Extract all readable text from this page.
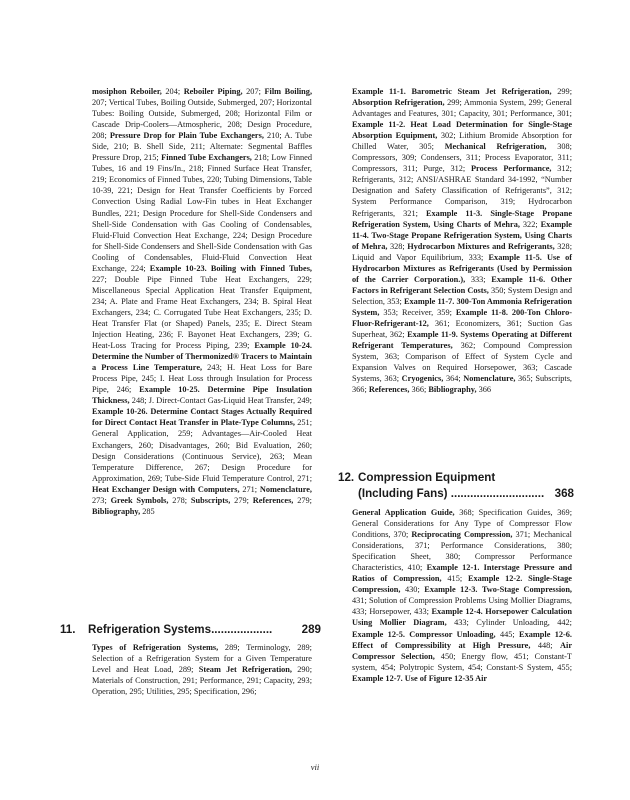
mosiphon Reboiler, 204; Reboiler Piping, 207; Film Boiling, 207; Vertical Tubes, Boiling Outside, Submerged, 207; Horizontal Tubes: Boiling Outside, Submerged, 208; Horizontal Film or Cascade Drip-Coolers—Atmospheric, 208; Design Procedure, 208; Pressure Drop for Plain Tube Exchangers, 210; A. Tube Side, 210; B. Shell Side, 211; Alternate: Segmental Baffles Pressure Drop, 215; Finned Tube Exchangers, 218; Low Finned Tubes, 16 and 19 Fins/In., 218; Finned Surface Heat Transfer, 219; Economics of Finned Tubes, 220; Tubing Dimensions, Table 10-39, 221; Design for Heat Transfer Coefficients by Forced Convection Using Radial Low-Fin tubes in Heat Exchanger Bundles, 221; Design Procedure for Shell-Side Condensers and Shell-Side Condensation with Gas Cooling of Condensables, Fluid-Fluid Convection Heat Exchange, 224; Design Procedure for Shell-Side Condensers and Shell-Side Condensation with Gas Cooling of Condensables, Fluid-Fluid Convection Heat Exchange, 224; Example 10-23. Boiling with Finned Tubes, 227; Double Pipe Finned Tube Heat Exchangers, 229; Miscellaneous Special Application Heat Transfer Equipment, 234; A. Plate and Frame Heat Exchangers, 234; B. Spiral Heat Exchangers, 234; C. Corrugated Tube Heat Exchangers, 235; D. Heat Transfer Flat (or Shaped) Panels, 235; E. Direct Steam Injection Heating, 236; F. Bayonet Heat Exchangers, 239; G. Heat-Loss Tracing for Process Piping, 239; Example 10-24. Determine the Number of Thermonized® Tracers to Maintain a Process Line Temperature, 243; H. Heat Loss for Bare Process Pipe, 245; I. Heat Loss through Insulation for Process Pipe, 246; Example 10-25. Determine Pipe Insulation Thickness, 248; J. Direct-Contact Gas-Liquid Heat Transfer, 249; Example 10-26. Determine Contact Stages Actually Required for Direct Contact Heat Transfer in Plate-Type Columns, 251; General Application, 259; Advantages—Air-Cooled Heat Exchangers, 260; Disadvantages, 260; Bid Evaluation, 260; Design Considerations (Continuous Service), 263; Mean Temperature Difference, 267; Design Procedure for Approximation, 269; Tube-Side Fluid Temperature Control, 271; Heat Exchanger Design with Computers, 271; Nomenclature, 273; Greek Symbols, 278; Subscripts, 279; References, 279; Bibliography, 285

11. Refrigeration Systems...................	289

Types of Refrigeration Systems, 289; Terminology, 289; Selection of a Refrigeration System for a Given Temperature Level and Heat Load, 289; Steam Jet Refrigeration, 290; Materials of Construction, 291; Performance, 291; Capacity, 293; Operation, 295; Utilities, 295; Specification, 296;

Example 11-1. Barometric Steam Jet Refrigeration, 299; Absorption Refrigeration, 299; Ammonia System, 299; General Advantages and Features, 301; Capacity, 301; Performance, 301; Example 11-2. Heat Load Determination for Single-Stage Absorption Equipment, 302; Lithium Bromide Absorption for Chilled Water, 305; Mechanical Refrigeration, 308; Compressors, 309; Condensers, 311; Process Evaporator, 311; Compressors, 311; Purge, 312; Process Performance, 312; Refrigerants, 312; ANSI/ASHRAE Standard 34-1992, “Number Designation and Safety Classification of Refrigerants”, 312; System Performance Comparison, 319; Hydrocarbon Refrigerants, 321; Example 11-3. Single-Stage Propane Refrigeration System, Using Charts of Mehra, 322; Example 11-4. Two-Stage Propane Refrigeration System, Using Charts of Mehra, 328; Hydrocarbon Mixtures and Refrigerants, 328; Liquid and Vapor Equilibrium, 333; Example 11-5. Use of Hydrocarbon Mixtures as Refrigerants (Used by Permission of the Carrier Corporation.), 333; Example 11-6. Other Factors in Refrigerant Selection Costs, 350; System Design and Selection, 353; Example 11-7. 300-Ton Ammonia Refrigeration System, 353; Receiver, 359; Example 11-8. 200-Ton Chloro-Fluor-Refrigerant-12, 361; Economizers, 361; Suction Gas Superheat, 362; Example 11-9. Systems Operating at Different Refrigerant Temperatures, 362; Compound Compression System, 363; Comparison of Effect of System Cycle and Expansion Valves on Required Horsepower, 363; Cascade Systems, 363; Cryogenics, 364; Nomenclature, 365; Subscripts, 366; References, 366; Bibliography, 366

12. Compression Equipment
(Including Fans) ............................. 368

General Application Guide, 368; Specification Guides, 369; General Considerations for Any Type of Compressor Flow Conditions, 370; Reciprocating Compression, 371; Mechanical Considerations, 371; Performance Considerations, 380; Specification Sheet, 380; Compressor Performance Characteristics, 410; Example 12-1. Interstage Pressure and Ratios of Compression, 415; Example 12-2. Single-Stage Compression, 430; Example 12-3. Two-Stage Compression, 431; Solution of Compression Problems Using Mollier Diagrams, 433; Horsepower, 433; Example 12-4. Horsepower Calculation Using Mollier Diagram, 433; Cylinder Unloading, 442; Example 12-5. Compressor Unloading, 445; Example 12-6. Effect of Compressibility at High Pressure, 448; Air Compressor Selection, 450; Energy flow, 451; Constant-T system, 454; Polytropic System, 454; Constant-S System, 455; Example 12-7. Use of Figure 12-35 Air

vii
